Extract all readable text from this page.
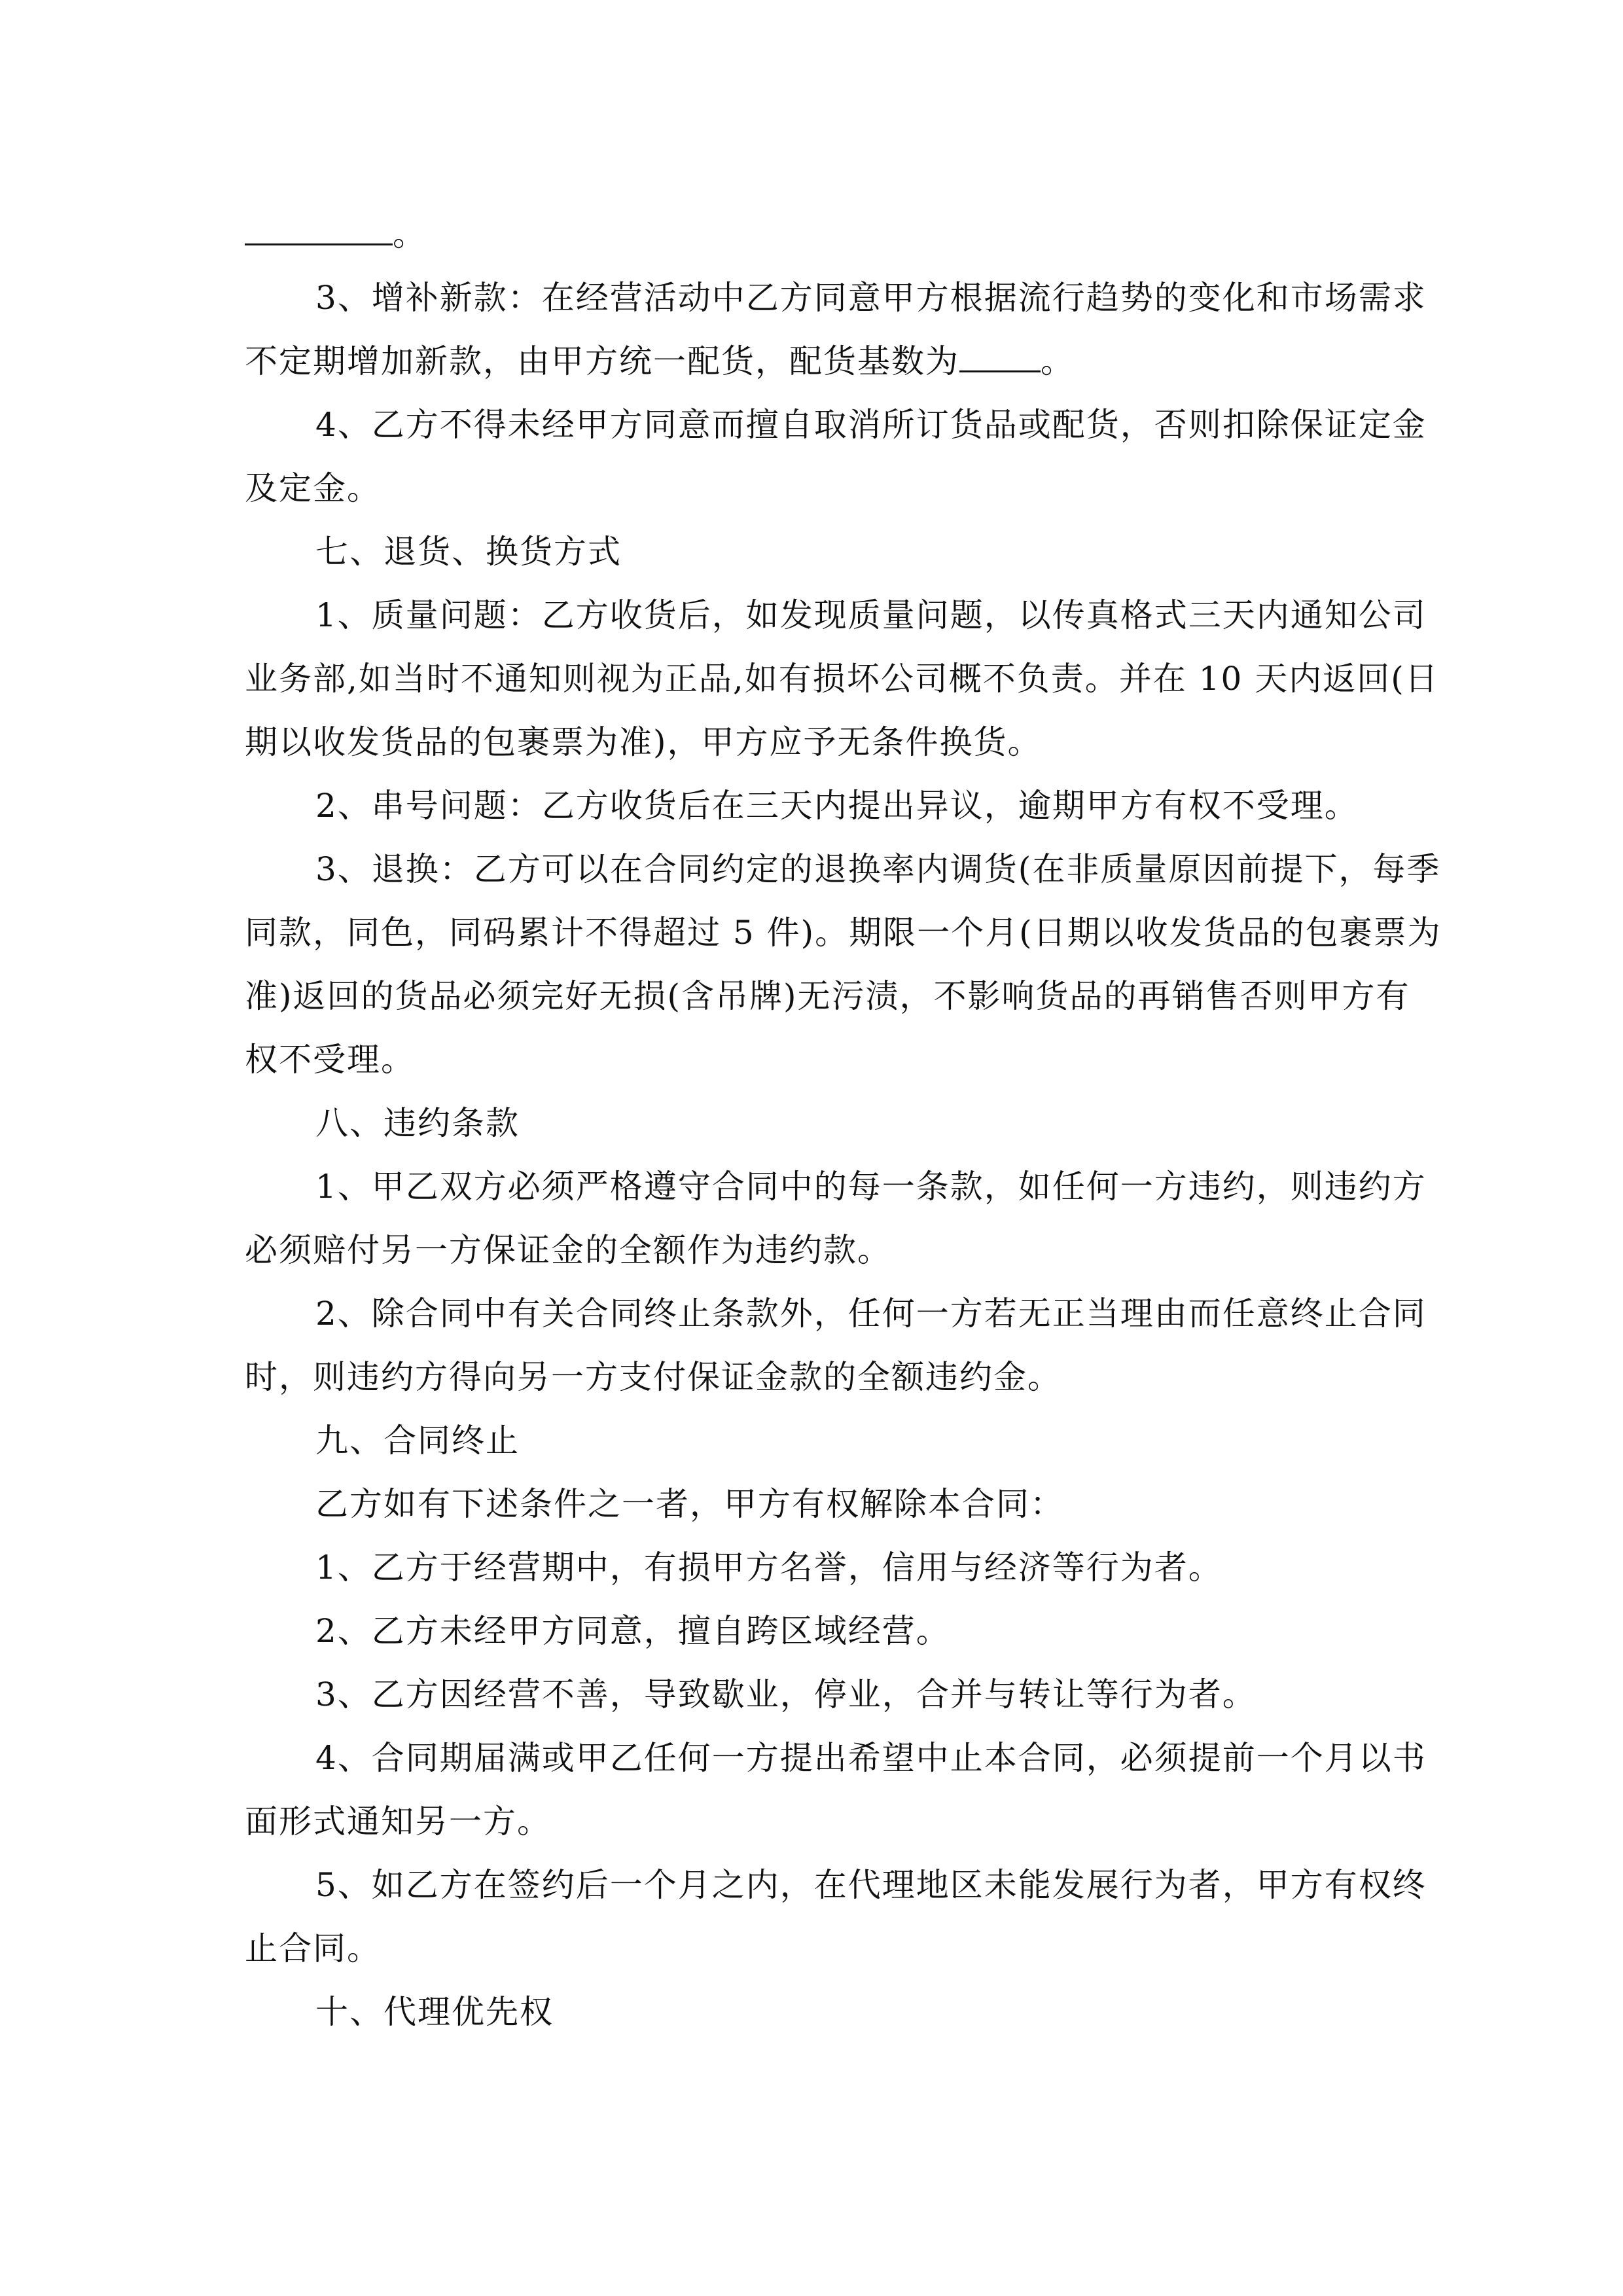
。
3、增补新款：在经营活动中乙方同意甲方根据流行趋势的变化和市场需求
不定期增加新款，由甲方统一配货，配货基数为 。
4、乙方不得未经甲方同意而擅自取消所订货品或配货，否则扣除保证定金
及定金。
七、退货、换货方式
1、质量问题：乙方收货后，如发现质量问题，以传真格式三天内通知公司
业务部,如当时不通知则视为正品,如有损坏公司概不负责。并在 10 天内返回(日
期以收发货品的包裹票为准)，甲方应予无条件换货。
2、串号问题：乙方收货后在三天内提出异议，逾期甲方有权不受理。
3、退换：乙方可以在合同约定的退换率内调货(在非质量原因前提下，每季
同款，同色，同码累计不得超过 5 件)。期限一个月(日期以收发货品的包裹票为
准)返回的货品必须完好无损(含吊牌)无污渍，不影响货品的再销售否则甲方有
权不受理。
八、违约条款
1、甲乙双方必须严格遵守合同中的每一条款，如任何一方违约，则违约方
必须赔付另一方保证金的全额作为违约款。
2、除合同中有关合同终止条款外，任何一方若无正当理由而任意终止合同
时，则违约方得向另一方支付保证金款的全额违约金。
九、合同终止
乙方如有下述条件之一者，甲方有权解除本合同：
1、乙方于经营期中，有损甲方名誉，信用与经济等行为者。
2、乙方未经甲方同意，擅自跨区域经营。
3、乙方因经营不善，导致歇业，停业，合并与转让等行为者。
4、合同期届满或甲乙任何一方提出希望中止本合同，必须提前一个月以书
面形式通知另一方。
5、如乙方在签约后一个月之内，在代理地区未能发展行为者，甲方有权终
止合同。
十、代理优先权
